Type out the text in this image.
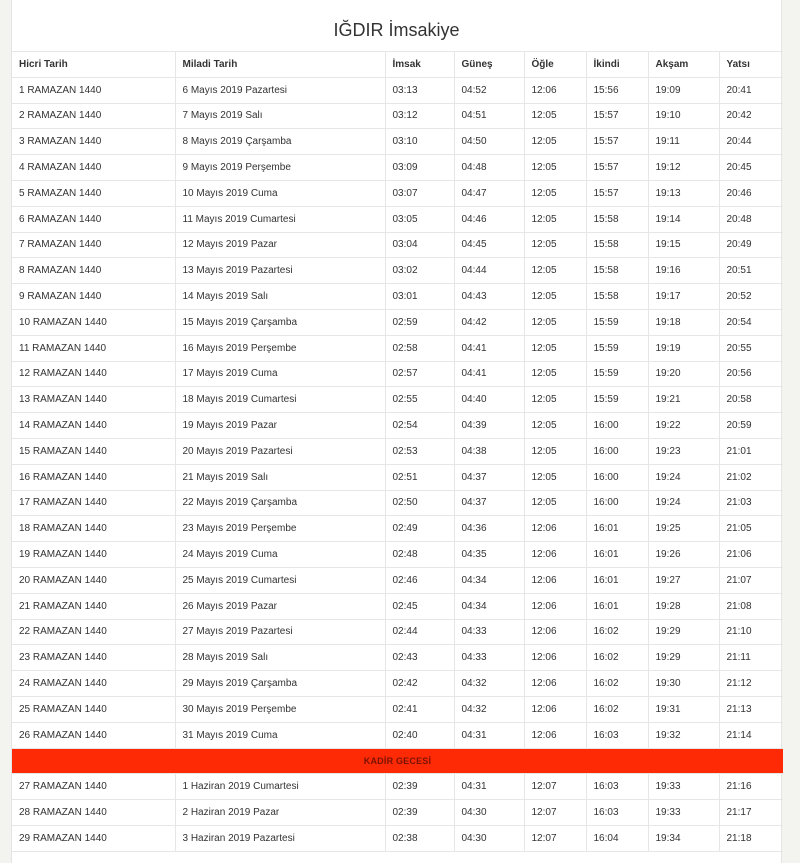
IĞDIR İmsakiye
Hicri Tarih	Miladi Tarih	İmsak	Güneş	Öğle	İkindi	Akşam	Yatsı
1 RAMAZAN 1440	6 Mayıs 2019 Pazartesi	03:13	04:52	12:06	15:56	19:09	20:41
2 RAMAZAN 1440	7 Mayıs 2019 Salı	03:12	04:51	12:05	15:57	19:10	20:42
3 RAMAZAN 1440	8 Mayıs 2019 Çarşamba	03:10	04:50	12:05	15:57	19:11	20:44
4 RAMAZAN 1440	9 Mayıs 2019 Perşembe	03:09	04:48	12:05	15:57	19:12	20:45
5 RAMAZAN 1440	10 Mayıs 2019 Cuma	03:07	04:47	12:05	15:57	19:13	20:46
6 RAMAZAN 1440	11 Mayıs 2019 Cumartesi	03:05	04:46	12:05	15:58	19:14	20:48
7 RAMAZAN 1440	12 Mayıs 2019 Pazar	03:04	04:45	12:05	15:58	19:15	20:49
8 RAMAZAN 1440	13 Mayıs 2019 Pazartesi	03:02	04:44	12:05	15:58	19:16	20:51
9 RAMAZAN 1440	14 Mayıs 2019 Salı	03:01	04:43	12:05	15:58	19:17	20:52
10 RAMAZAN 1440	15 Mayıs 2019 Çarşamba	02:59	04:42	12:05	15:59	19:18	20:54
11 RAMAZAN 1440	16 Mayıs 2019 Perşembe	02:58	04:41	12:05	15:59	19:19	20:55
12 RAMAZAN 1440	17 Mayıs 2019 Cuma	02:57	04:41	12:05	15:59	19:20	20:56
13 RAMAZAN 1440	18 Mayıs 2019 Cumartesi	02:55	04:40	12:05	15:59	19:21	20:58
14 RAMAZAN 1440	19 Mayıs 2019 Pazar	02:54	04:39	12:05	16:00	19:22	20:59
15 RAMAZAN 1440	20 Mayıs 2019 Pazartesi	02:53	04:38	12:05	16:00	19:23	21:01
16 RAMAZAN 1440	21 Mayıs 2019 Salı	02:51	04:37	12:05	16:00	19:24	21:02
17 RAMAZAN 1440	22 Mayıs 2019 Çarşamba	02:50	04:37	12:05	16:00	19:24	21:03
18 RAMAZAN 1440	23 Mayıs 2019 Perşembe	02:49	04:36	12:06	16:01	19:25	21:05
19 RAMAZAN 1440	24 Mayıs 2019 Cuma	02:48	04:35	12:06	16:01	19:26	21:06
20 RAMAZAN 1440	25 Mayıs 2019 Cumartesi	02:46	04:34	12:06	16:01	19:27	21:07
21 RAMAZAN 1440	26 Mayıs 2019 Pazar	02:45	04:34	12:06	16:01	19:28	21:08
22 RAMAZAN 1440	27 Mayıs 2019 Pazartesi	02:44	04:33	12:06	16:02	19:29	21:10
23 RAMAZAN 1440	28 Mayıs 2019 Salı	02:43	04:33	12:06	16:02	19:29	21:11
24 RAMAZAN 1440	29 Mayıs 2019 Çarşamba	02:42	04:32	12:06	16:02	19:30	21:12
25 RAMAZAN 1440	30 Mayıs 2019 Perşembe	02:41	04:32	12:06	16:02	19:31	21:13
26 RAMAZAN 1440	31 Mayıs 2019 Cuma	02:40	04:31	12:06	16:03	19:32	21:14
KADİR GECESİ							
27 RAMAZAN 1440	1 Haziran 2019 Cumartesi	02:39	04:31	12:07	16:03	19:33	21:16
28 RAMAZAN 1440	2 Haziran 2019 Pazar	02:39	04:30	12:07	16:03	19:33	21:17
29 RAMAZAN 1440	3 Haziran 2019 Pazartesi	02:38	04:30	12:07	16:04	19:34	21:18
